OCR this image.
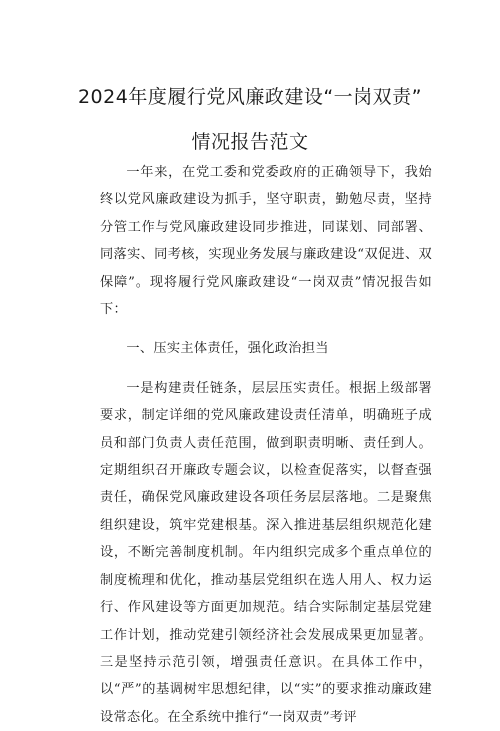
2024年度履行党风廉政建设“一岗双责”
情况报告范文

一年来，在党工委和党委政府的正确领导下，我始终以党风廉政建设为抓手，坚守职责，勤勉尽责，坚持分管工作与党风廉政建设同步推进，同谋划、同部署、同落实、同考核，实现业务发展与廉政建设“双促进、双保障”。现将履行党风廉政建设“一岗双责”情况报告如下：

一、压实主体责任，强化政治担当

一是构建责任链条，层层压实责任。根据上级部署要求，制定详细的党风廉政建设责任清单，明确班子成员和部门负责人责任范围，做到职责明晰、责任到人。定期组织召开廉政专题会议，以检查促落实，以督查强责任，确保党风廉政建设各项任务层层落地。二是聚焦组织建设，筑牢党建根基。深入推进基层组织规范化建设，不断完善制度机制。年内组织完成多个重点单位的制度梳理和优化，推动基层党组织在选人用人、权力运行、作风建设等方面更加规范。结合实际制定基层党建工作计划，推动党建引领经济社会发展成果更加显著。三是坚持示范引领，增强责任意识。在具体工作中，以“严”的基调树牢思想纪律，以“实”的要求推动廉政建设常态化。在全系统中推行“一岗双责”考评
